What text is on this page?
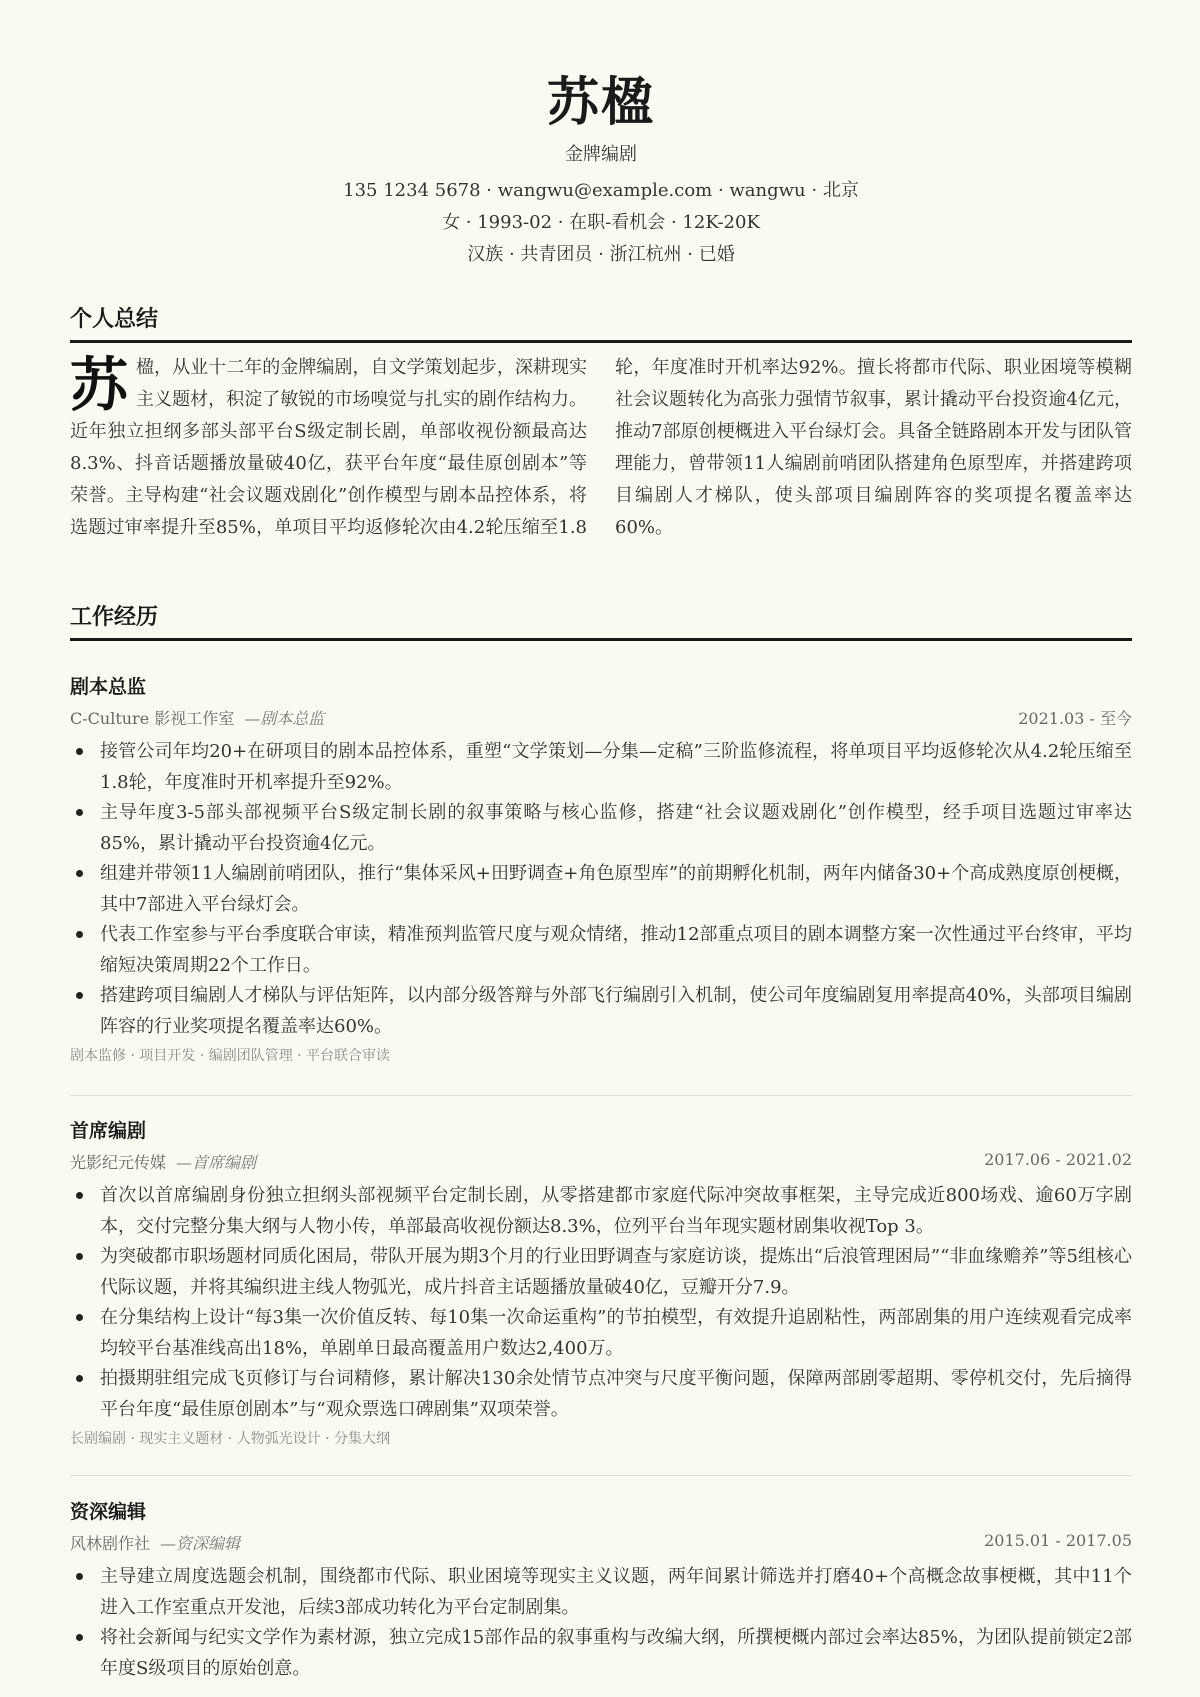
苏楹
金牌编剧
135 1234 5678 · wangwu@example.com · wangwu · 北京
女 · 1993-02 · 在职-看机会 · 12K-20K
汉族 · 共青团员 · 浙江杭州 · 已婚
个人总结
苏楹，从业十二年的金牌编剧，自文学策划起步，深耕现实主义题材，积淀了敏锐的市场嗅觉与扎实的剧作结构力。近年独立担纲多部头部平台S级定制长剧，单部收视份额最高达8.3%、抖音话题播放量破40亿，获平台年度“最佳原创剧本”等荣誉。主导构建“社会议题戏剧化”创作模型与剧本品控体系，将选题过审率提升至85%，单项目平均返修轮次由4.2轮压缩至1.8轮，年度准时开机率达92%。擅长将都市代际、职业困境等模糊社会议题转化为高张力强情节叙事，累计撬动平台投资逾4亿元，推动7部原创梗概进入平台绿灯会。具备全链路剧本开发与团队管理能力，曾带领11人编剧前哨团队搭建角色原型库，并搭建跨项目编剧人才梯队，使头部项目编剧阵容的奖项提名覆盖率达60%。
工作经历
剧本总监
C-Culture 影视工作室 —剧本总监	2021.03 - 至今
接管公司年均20+在研项目的剧本品控体系，重塑“文学策划—分集—定稿”三阶监修流程，将单项目平均返修轮次从4.2轮压缩至1.8轮，年度准时开机率提升至92%。
主导年度3-5部头部视频平台S级定制长剧的叙事策略与核心监修，搭建“社会议题戏剧化”创作模型，经手项目选题过审率达85%，累计撬动平台投资逾4亿元。
组建并带领11人编剧前哨团队，推行“集体采风+田野调查+角色原型库”的前期孵化机制，两年内储备30+个高成熟度原创梗概，其中7部进入平台绿灯会。
代表工作室参与平台季度联合审读，精准预判监管尺度与观众情绪，推动12部重点项目的剧本调整方案一次性通过平台终审，平均缩短决策周期22个工作日。
搭建跨项目编剧人才梯队与评估矩阵，以内部分级答辩与外部飞行编剧引入机制，使公司年度编剧复用率提高40%，头部项目编剧阵容的行业奖项提名覆盖率达60%。
剧本监修 · 项目开发 · 编剧团队管理 · 平台联合审读
首席编剧
光影纪元传媒 —首席编剧	2017.06 - 2021.02
首次以首席编剧身份独立担纲头部视频平台定制长剧，从零搭建都市家庭代际冲突故事框架，主导完成近800场戏、逾60万字剧本，交付完整分集大纲与人物小传，单部最高收视份额达8.3%，位列平台当年现实题材剧集收视Top 3。
为突破都市职场题材同质化困局，带队开展为期3个月的行业田野调查与家庭访谈，提炼出“后浪管理困局”“非血缘赡养”等5组核心代际议题，并将其编织进主线人物弧光，成片抖音主话题播放量破40亿，豆瓣开分7.9。
在分集结构上设计“每3集一次价值反转、每10集一次命运重构”的节拍模型，有效提升追剧粘性，两部剧集的用户连续观看完成率均较平台基准线高出18%，单剧单日最高覆盖用户数达2,400万。
拍摄期驻组完成飞页修订与台词精修，累计解决130余处情节点冲突与尺度平衡问题，保障两部剧零超期、零停机交付，先后摘得平台年度“最佳原创剧本”与“观众票选口碑剧集”双项荣誉。
长剧编剧 · 现实主义题材 · 人物弧光设计 · 分集大纲
资深编辑
风林剧作社 —资深编辑	2015.01 - 2017.05
主导建立周度选题会机制，围绕都市代际、职业困境等现实主义议题，两年间累计筛选并打磨40+个高概念故事梗概，其中11个进入工作室重点开发池，后续3部成功转化为平台定制剧集。
将社会新闻与纪实文学作为素材源，独立完成15部作品的叙事重构与改编大纲，所撰梗概内部过会率达85%，为团队提前锁定2部年度S级项目的原始创意。
